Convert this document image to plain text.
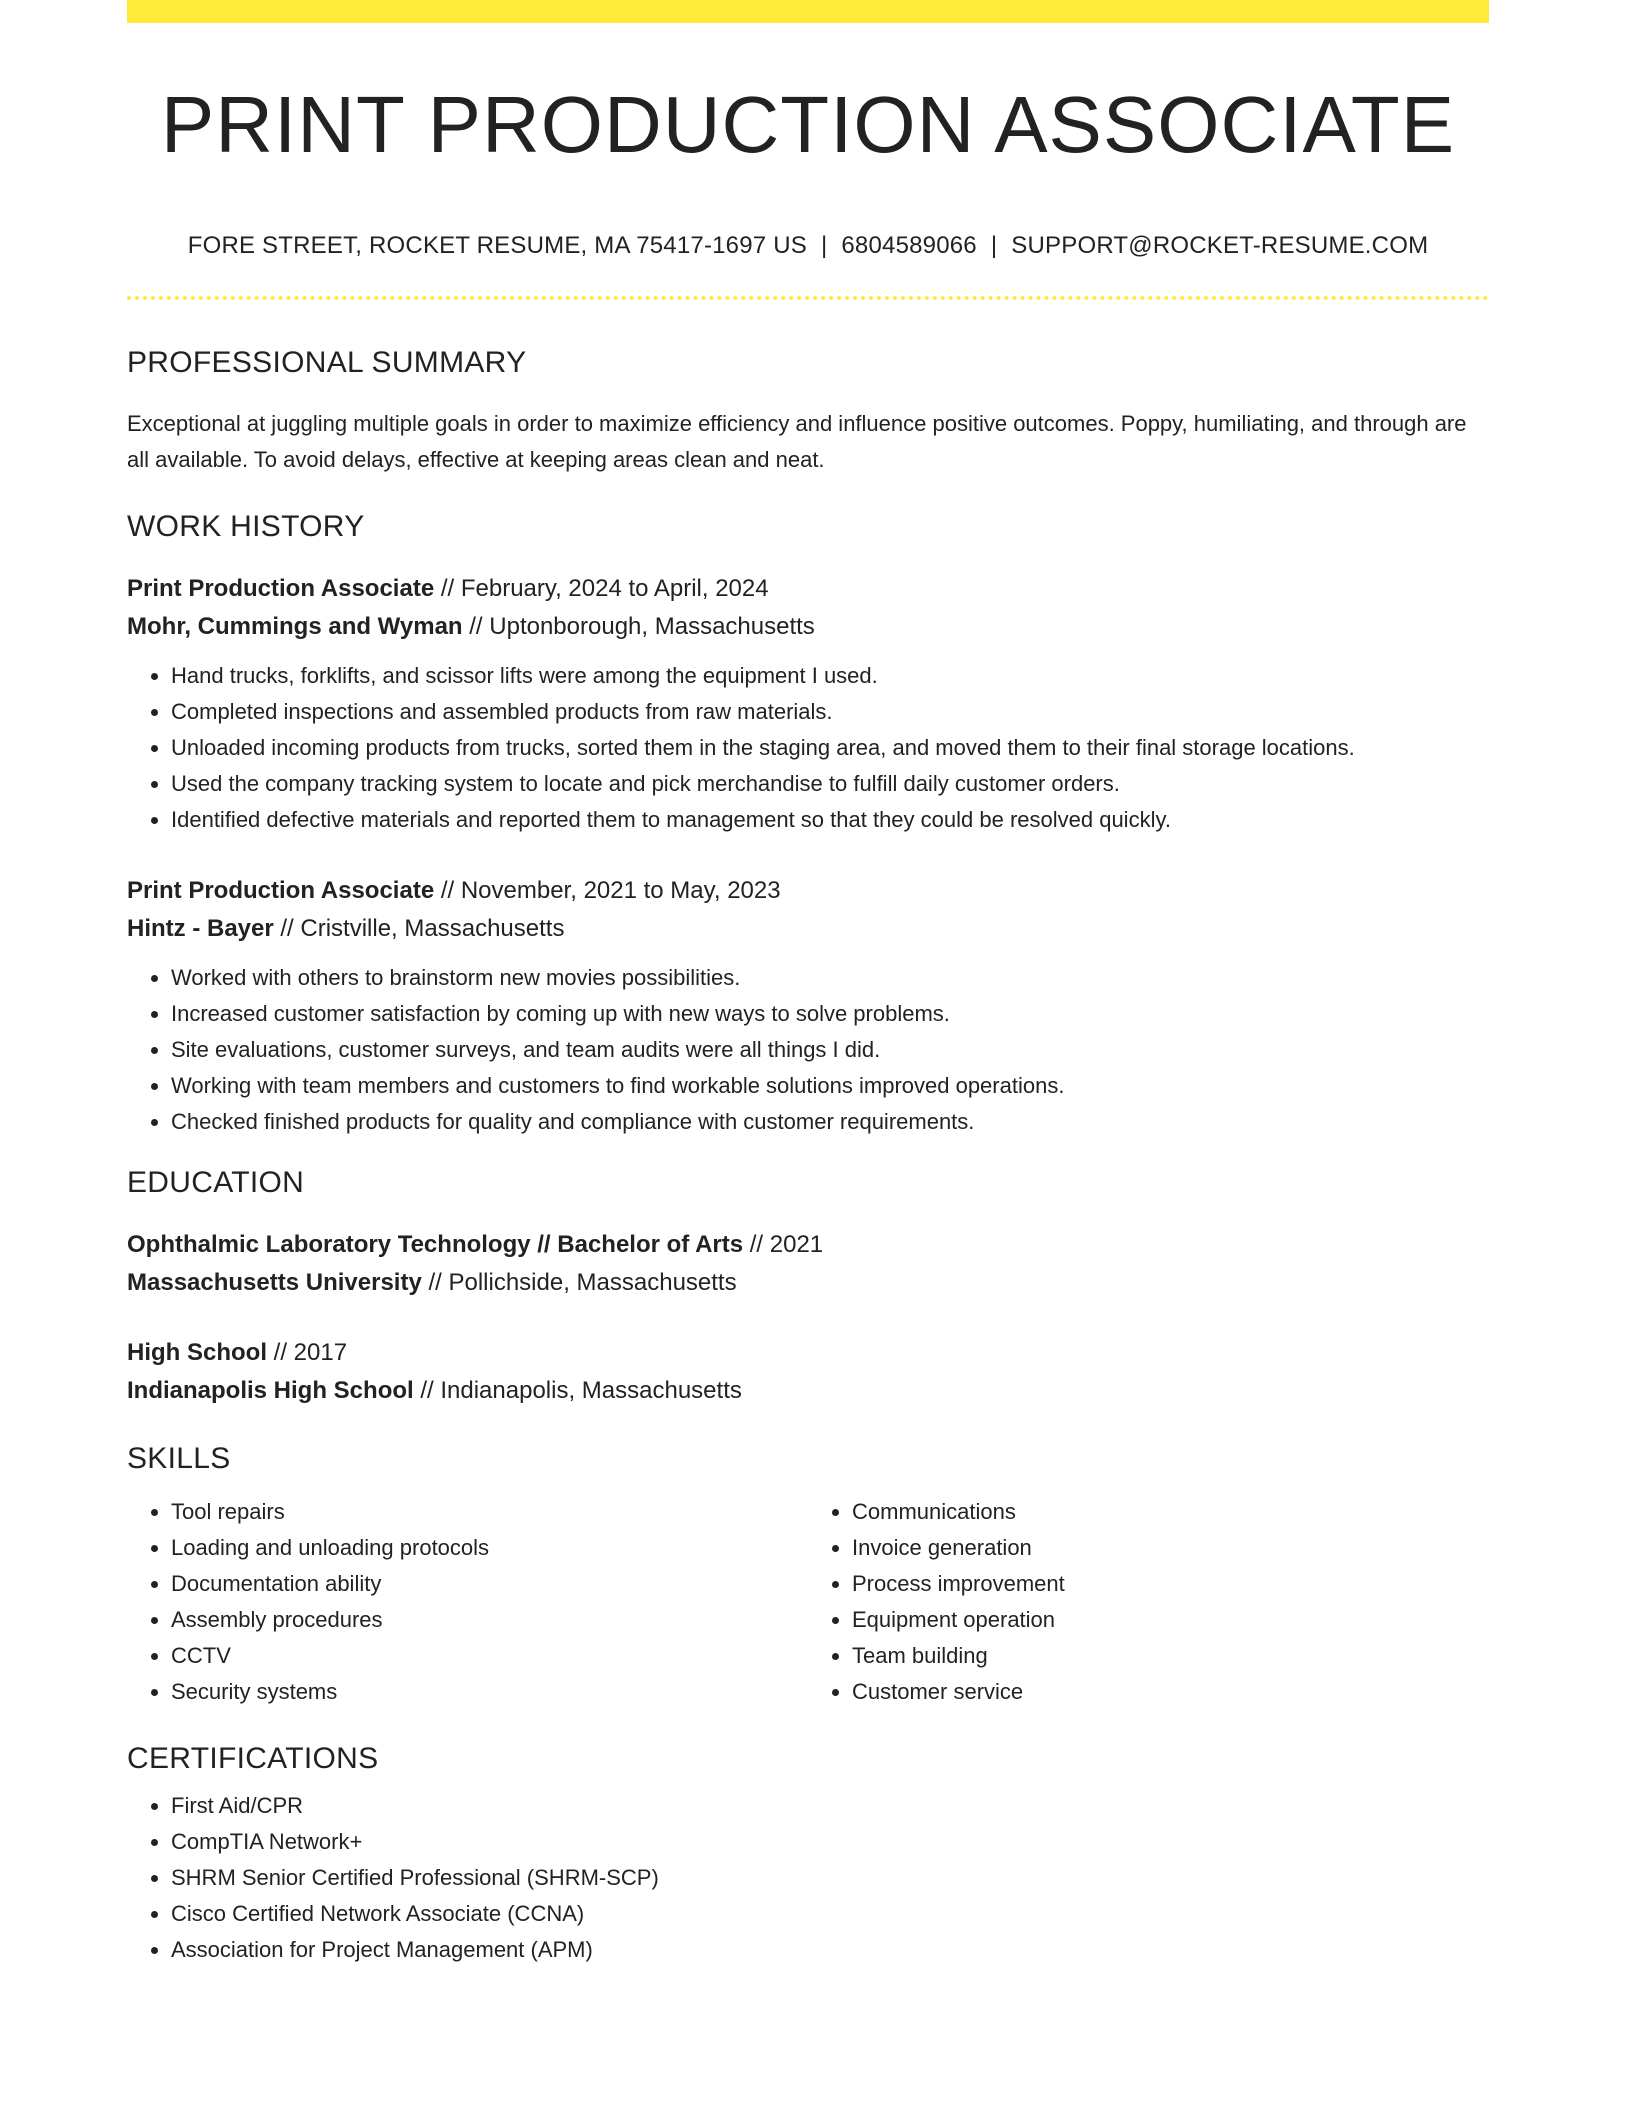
PRINT PRODUCTION ASSOCIATE
FORE STREET, ROCKET RESUME, MA 75417-1697 US | 6804589066 | SUPPORT@ROCKET-RESUME.COM
PROFESSIONAL SUMMARY
Exceptional at juggling multiple goals in order to maximize efficiency and influence positive outcomes. Poppy, humiliating, and through are all available. To avoid delays, effective at keeping areas clean and neat.
WORK HISTORY
Print Production Associate // February, 2024 to April, 2024
Mohr, Cummings and Wyman // Uptonborough, Massachusetts
• Hand trucks, forklifts, and scissor lifts were among the equipment I used.
• Completed inspections and assembled products from raw materials.
• Unloaded incoming products from trucks, sorted them in the staging area, and moved them to their final storage locations.
• Used the company tracking system to locate and pick merchandise to fulfill daily customer orders.
• Identified defective materials and reported them to management so that they could be resolved quickly.
Print Production Associate // November, 2021 to May, 2023
Hintz - Bayer // Cristville, Massachusetts
• Worked with others to brainstorm new movies possibilities.
• Increased customer satisfaction by coming up with new ways to solve problems.
• Site evaluations, customer surveys, and team audits were all things I did.
• Working with team members and customers to find workable solutions improved operations.
• Checked finished products for quality and compliance with customer requirements.
EDUCATION
Ophthalmic Laboratory Technology // Bachelor of Arts // 2021
Massachusetts University // Pollichside, Massachusetts
High School // 2017
Indianapolis High School // Indianapolis, Massachusetts
SKILLS
• Tool repairs
• Loading and unloading protocols
• Documentation ability
• Assembly procedures
• CCTV
• Security systems
• Communications
• Invoice generation
• Process improvement
• Equipment operation
• Team building
• Customer service
CERTIFICATIONS
• First Aid/CPR
• CompTIA Network+
• SHRM Senior Certified Professional (SHRM-SCP)
• Cisco Certified Network Associate (CCNA)
• Association for Project Management (APM)
